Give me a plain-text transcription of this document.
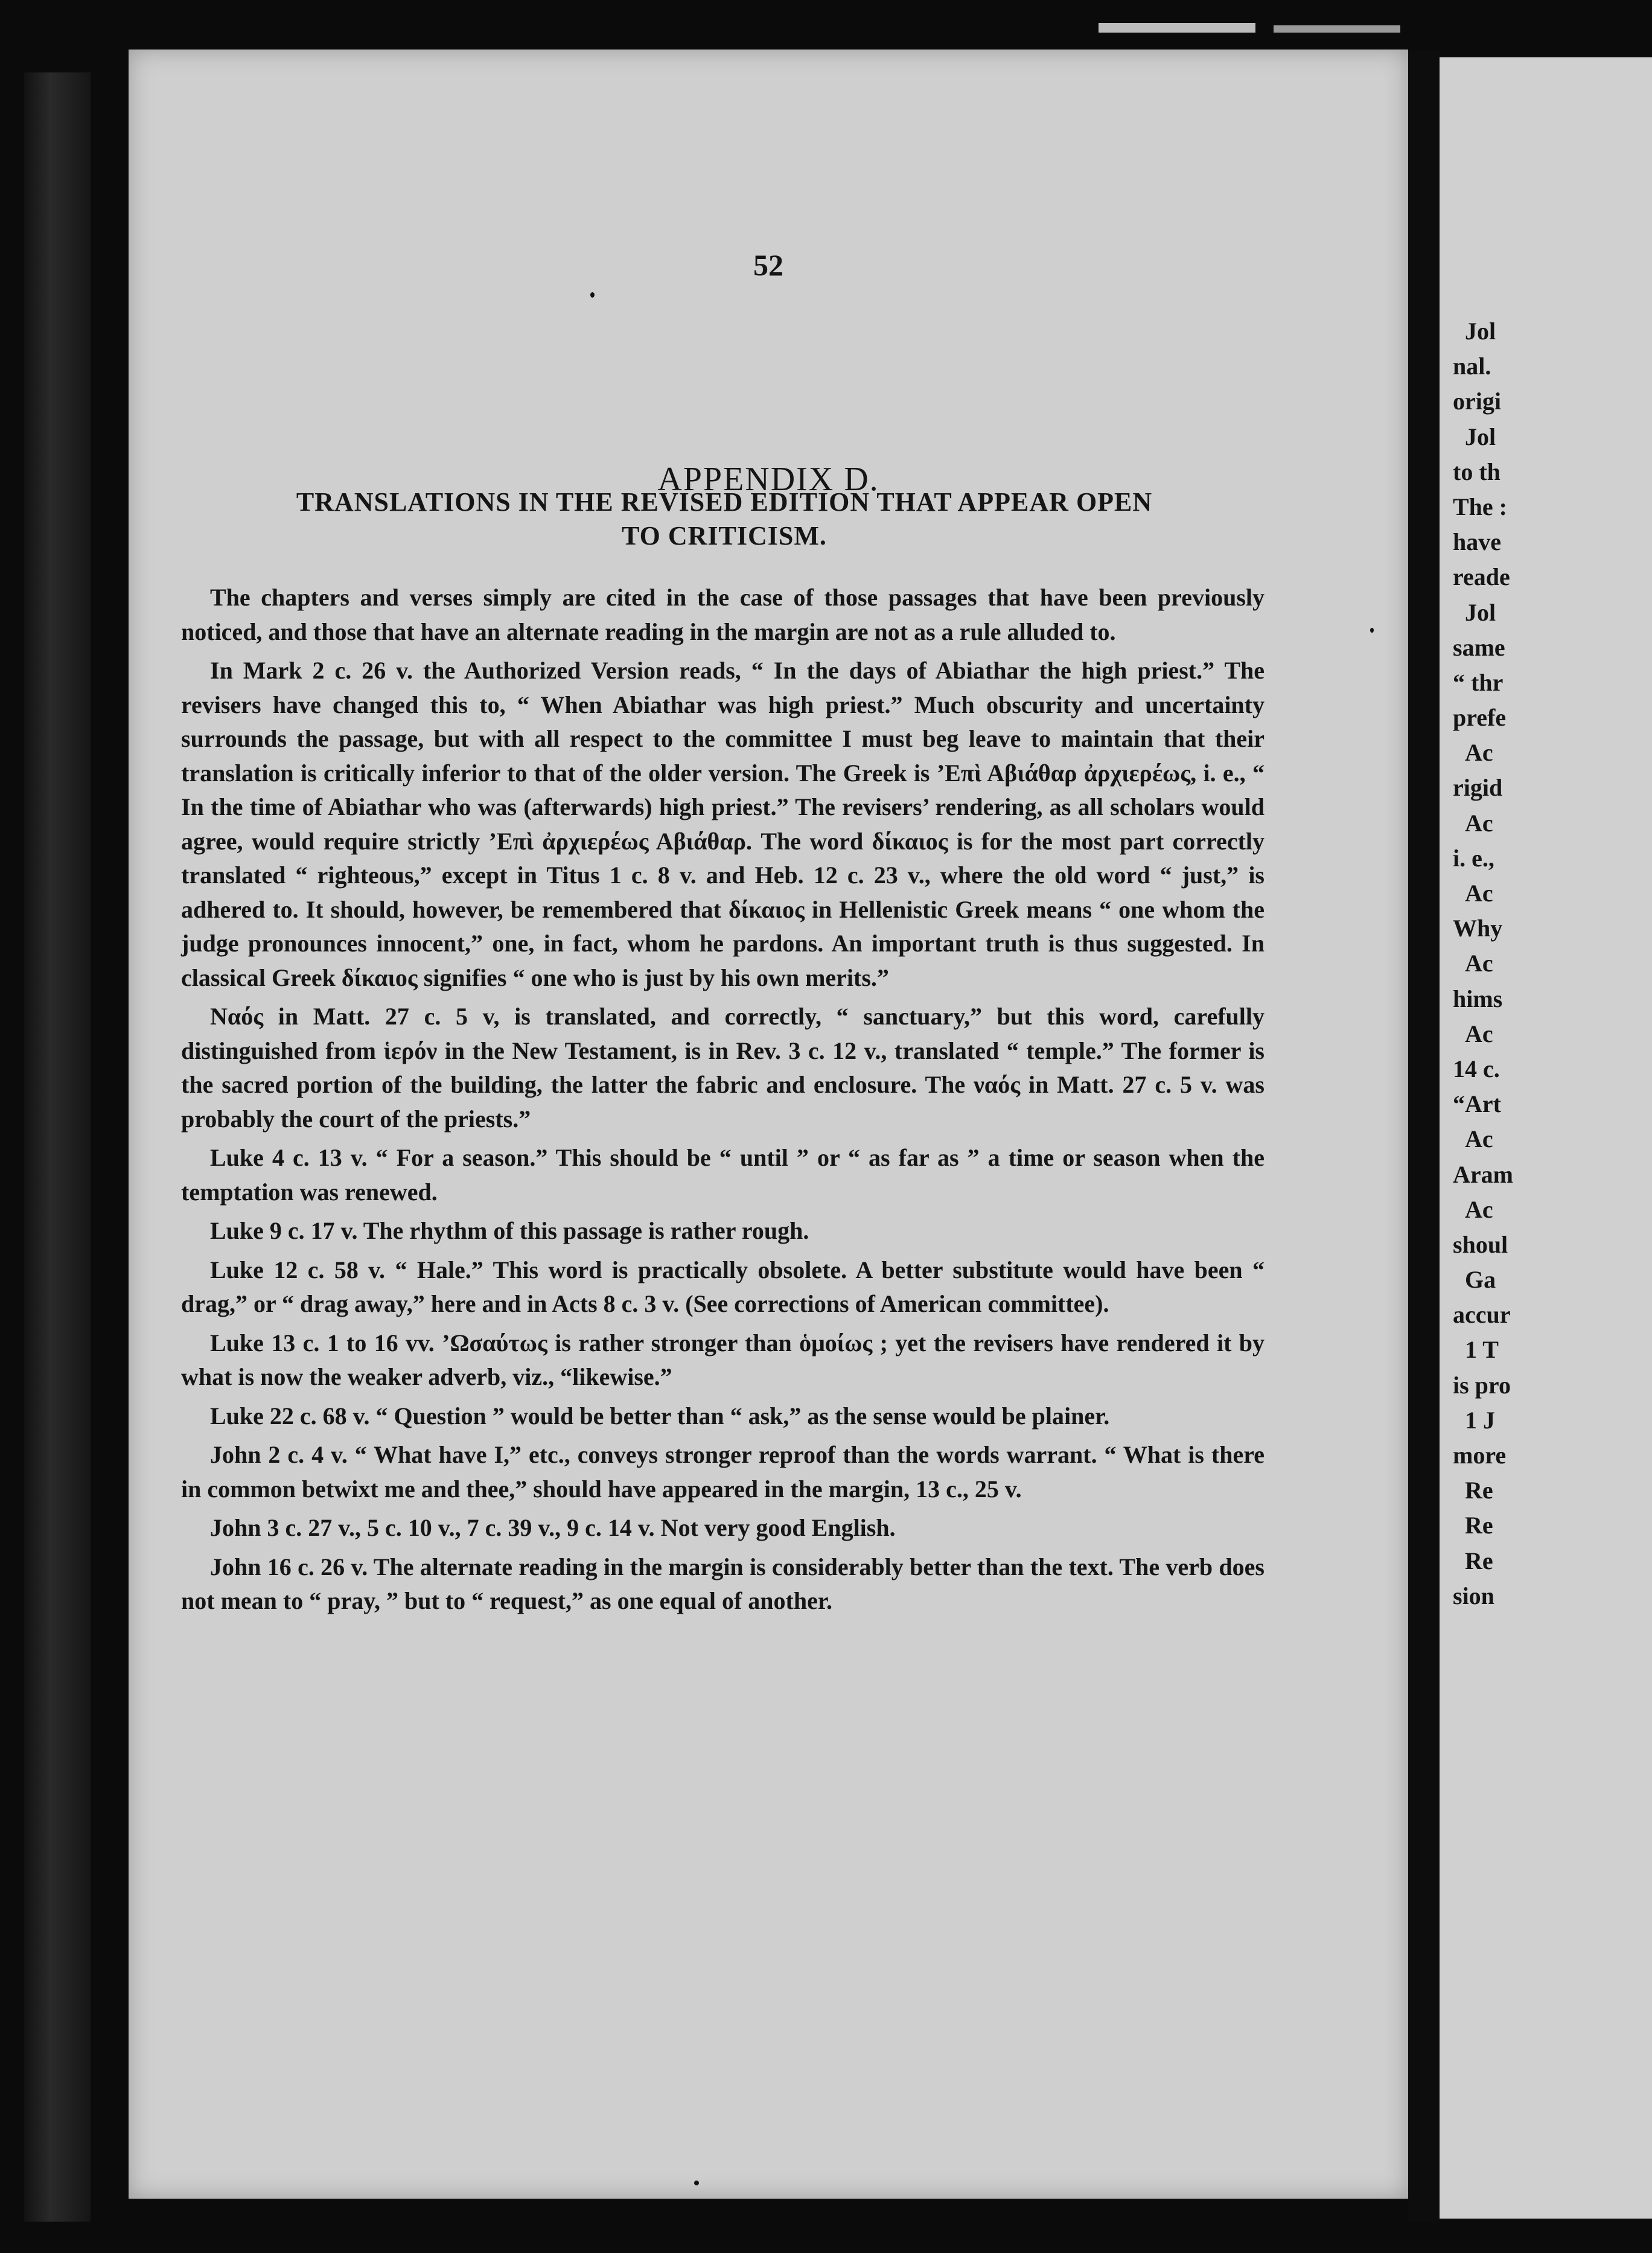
52
APPENDIX D.
TRANSLATIONS IN THE REVISED EDITION THAT APPEAR OPEN
TO CRITICISM.

The chapters and verses simply are cited in the case of those passages that have been previously noticed, and those that have an alternate reading in the margin are not as a rule alluded to.

In Mark 2 c. 26 v. the Authorized Version reads, “ In the days of Abiathar the high priest.” The revisers have changed this to, “ When Abiathar was high priest.” Much obscurity and uncertainty surrounds the passage, but with all respect to the committee I must beg leave to maintain that their translation is critically inferior to that of the older version. The Greek is ’Επὶ Αβιάθαρ ἀρχιερέως, i. e., “ In the time of Abiathar who was (afterwards) high priest.” The revisers’ rendering, as all scholars would agree, would require strictly ’Επὶ ἀρχιερέως Αβιάθαρ. The word δίκαιος is for the most part correctly translated “ righteous,” except in Titus 1 c. 8 v. and Heb. 12 c. 23 v., where the old word “ just,” is adhered to. It should, however, be remembered that δίκαιος in Hellenistic Greek means “ one whom the judge pronounces innocent,” one, in fact, whom he pardons. An important truth is thus suggested. In classical Greek δίκαιος signifies “ one who is just by his own merits.”

Ναός in Matt. 27 c. 5 v, is translated, and correctly, “ sanctuary,” but this word, carefully distinguished from ἱερόν in the New Testament, is in Rev. 3 c. 12 v., translated “ temple.” The former is the sacred portion of the building, the latter the fabric and enclosure. The ναός in Matt. 27 c. 5 v. was probably the court of the priests.”

Luke 4 c. 13 v. “ For a season.” This should be “ until ” or “ as far as ” a time or season when the temptation was renewed.

Luke 9 c. 17 v. The rhythm of this passage is rather rough.

Luke 12 c. 58 v. “ Hale.” This word is practically obsolete. A better substitute would have been “ drag,” or “ drag away,” here and in Acts 8 c. 3 v. (See corrections of American committee).

Luke 13 c. 1 to 16 vv. ’Ωσαύτως is rather stronger than ὁμοίως ; yet the revisers have rendered it by what is now the weaker adverb, viz., “likewise.”

Luke 22 c. 68 v. “ Question ” would be better than “ ask,” as the sense would be plainer.

John 2 c. 4 v. “ What have I,” etc., conveys stronger reproof than the words warrant. “ What is there in common betwixt me and thee,” should have appeared in the margin, 13 c., 25 v.

John 3 c. 27 v., 5 c. 10 v., 7 c. 39 v., 9 c. 14 v. Not very good English.

John 16 c. 26 v. The alternate reading in the margin is considerably better than the text. The verb does not mean to “ pray, ” but to “ request,” as one equal of another.

Jol
nal.
origi
Jol
to th
The :
have
reade
Jol
same
“ thr
prefe
Ac
rigid
Ac
i. e.,
Ac
Why
Ac
hims
Ac
14 c.
“Art
Ac
Aram
Ac
shoul
Ga
accur
1 T
is pro
1 J
more
Re
Re
Re
sion
